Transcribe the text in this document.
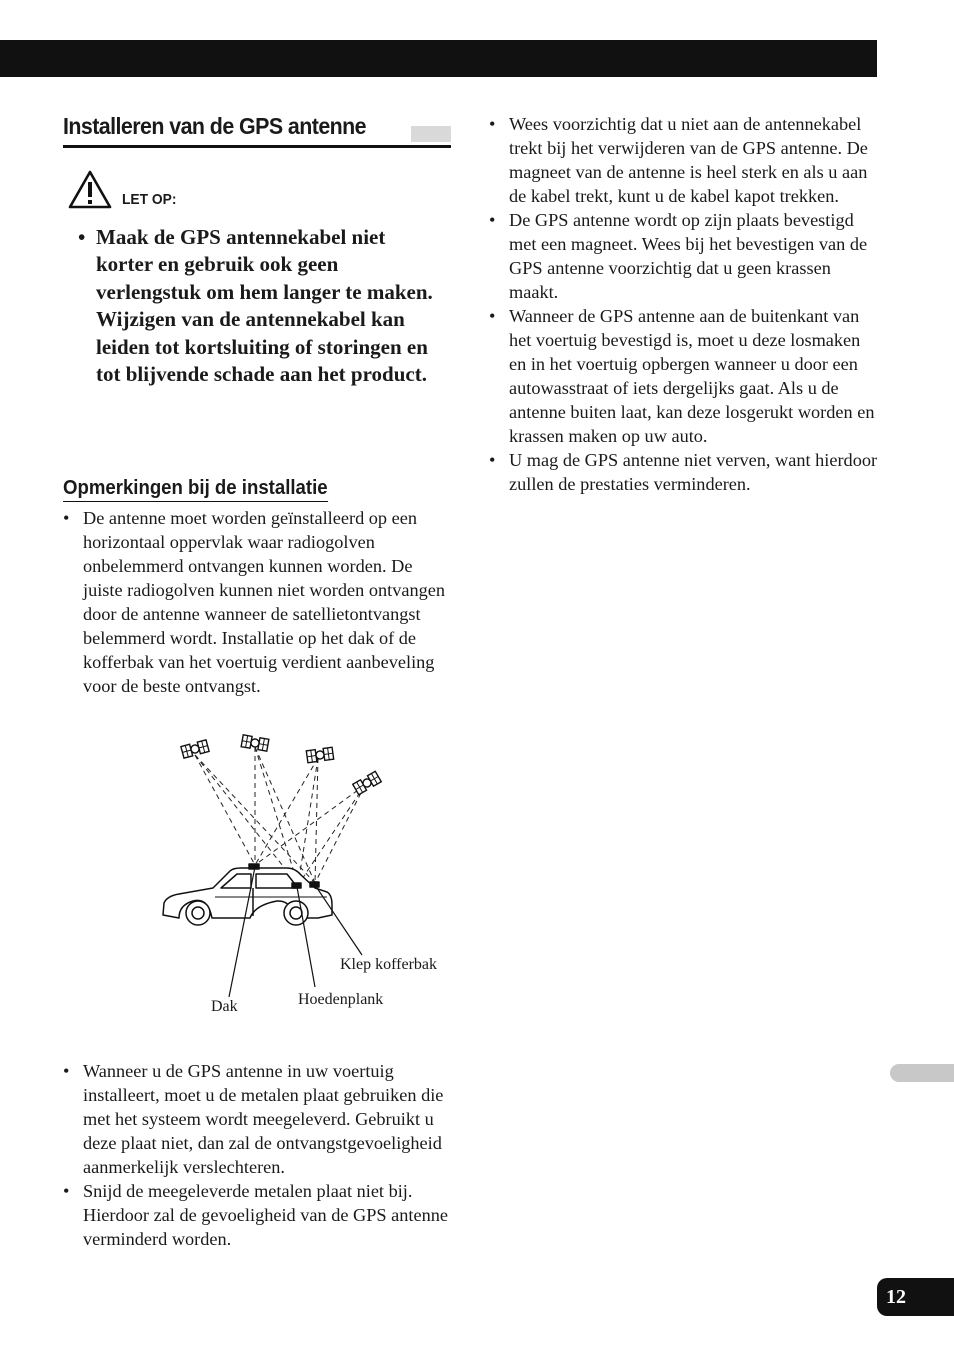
Installeren van de GPS antenne
LET OP:
• Maak de GPS antennekabel niet korter en gebruik ook geen verlengstuk om hem langer te maken. Wijzigen van de antennekabel kan leiden tot kortsluiting of storingen en tot blijvende schade aan het product.
Opmerkingen bij de installatie
• De antenne moet worden geïnstalleerd op een horizontaal oppervlak waar radiogolven onbelemmerd ontvangen kunnen worden. De juiste radiogolven kunnen niet worden ontvangen door de antenne wanneer de satellietontvangst belemmerd wordt. Installatie op het dak of de kofferbak van het voertuig verdient aanbeveling voor de beste ontvangst.
Klep kofferbak
Hoedenplank
Dak
• Wanneer u de GPS antenne in uw voertuig installeert, moet u de metalen plaat gebruiken die met het systeem wordt meegeleverd. Gebruikt u deze plaat niet, dan zal de ontvangstgevoeligheid aanmerkelijk verslechteren.
• Snijd de meegeleverde metalen plaat niet bij. Hierdoor zal de gevoeligheid van de GPS antenne verminderd worden.
• Wees voorzichtig dat u niet aan de antennekabel trekt bij het verwijderen van de GPS antenne. De magneet van de antenne is heel sterk en als u aan de kabel trekt, kunt u de kabel kapot trekken.
• De GPS antenne wordt op zijn plaats bevestigd met een magneet. Wees bij het bevestigen van de GPS antenne voorzichtig dat u geen krassen maakt.
• Wanneer de GPS antenne aan de buitenkant van het voertuig bevestigd is, moet u deze losmaken en in het voertuig opbergen wanneer u door een autowasstraat of iets dergelijks gaat. Als u de antenne buiten laat, kan deze losgerukt worden en krassen maken op uw auto.
• U mag de GPS antenne niet verven, want hierdoor zullen de prestaties verminderen.
12
